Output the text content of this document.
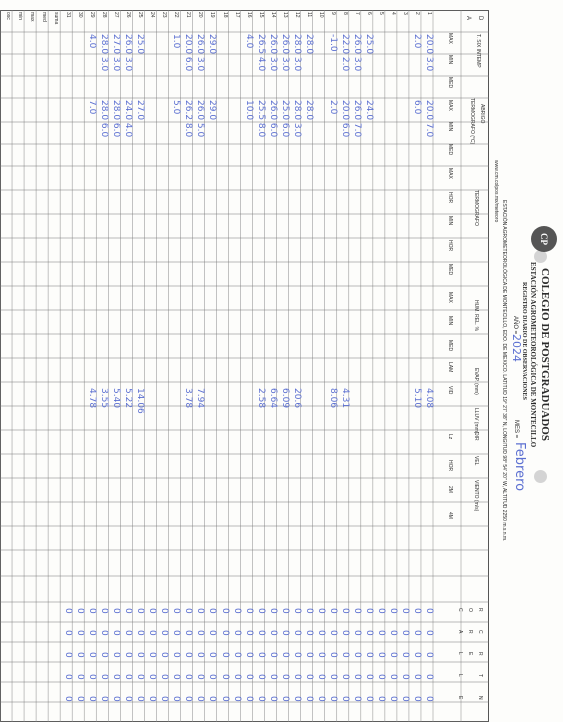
COLEGIO DE POSTGRADUADOS
ESTACIÓN AGROMETEOROLÓGICA DE MONTECILLO
REGISTRO DIARIO DE OBSERVACIONES
AÑO =
2024
MES =
Febrero
ESTACIÓN AGROMETEOROLÓGICA DE MONTECILLO, EDO. DE MEXICO. LATITUD 19° 27' 38" N, LONGITUD 98° 54' 20" W, ALTITUD 2250 m.s.n.m.
www.cm.colpos.mx/meteoro
CP
D
A
T. SIX INTEMP
MAX
MIN
MED
ABRIGO
TERMOGRAFO (°C)
MAX
MIN
MED
TERMOGRAFO
MAX
HOR
MIN
HOR
MED
HUM. REL. %
MAX
MIN
MED
EVAP. (mm)
LAM
VID
LLUV (mm)
DIR
VEL
VIENTO (m/s)
Lz
HOR
2M
4M
R
C
R
T
N
O
R
E
C
A
L
L
E
1
2
3
4
5
6
7
8
9
10
11
12
13
14
15
16
17
18
19
20
21
22
23
24
25
26
27
28
29
30
31
suma
med
max
min
osc
20.0 3.0
20.0 7.0
4.08
2.0
6.0
5.10
25.0
24.0
26.0 3.0
26.0 7.0
22.0 2.0
20.0 6.0
4.31
-1.0
2.0
8.06
28.0
28.0
28.0 3.0
28.0 3.0
20.6
26.0 3.0
25.0 6.0
6.09
26.0 3.0
26.0 6.0
6.64
26.5 4.0
25.5 8.0
2.58
4.0
10.0
29.0
29.0
26.0 3.0
26.0 5.0
7.94
20.0 6.0
26.2 8.0
3.78
1.0
5.0
25.0
27.0
14.06
26.0 3.0
24.0 4.0
5.22
27.0 3.0
28.0 6.0
5.40
28.0 3.0
28.0 6.0
3.55
4.0
7.0
4.78
0
0
0
0
0
0
0
0
0
0
0
0
0
0
0
0
0
0
0
0
0
0
0
0
0
0
0
0
0
0
0
0
0
0
0
0
0
0
0
0
0
0
0
0
0
0
0
0
0
0
0
0
0
0
0
0
0
0
0
0
0
0
0
0
0
0
0
0
0
0
0
0
0
0
0
0
0
0
0
0
0
0
0
0
0
0
0
0
0
0
0
0
0
0
0
0
0
0
0
0
0
0
0
0
0
0
0
0
0
0
0
0
0
0
0
0
0
0
0
0
0
0
0
0
0
0
0
0
0
0
0
0
0
0
0
0
0
0
0
0
0
0
0
0
0
0
0
0
0
0
0
0
0
0
0
